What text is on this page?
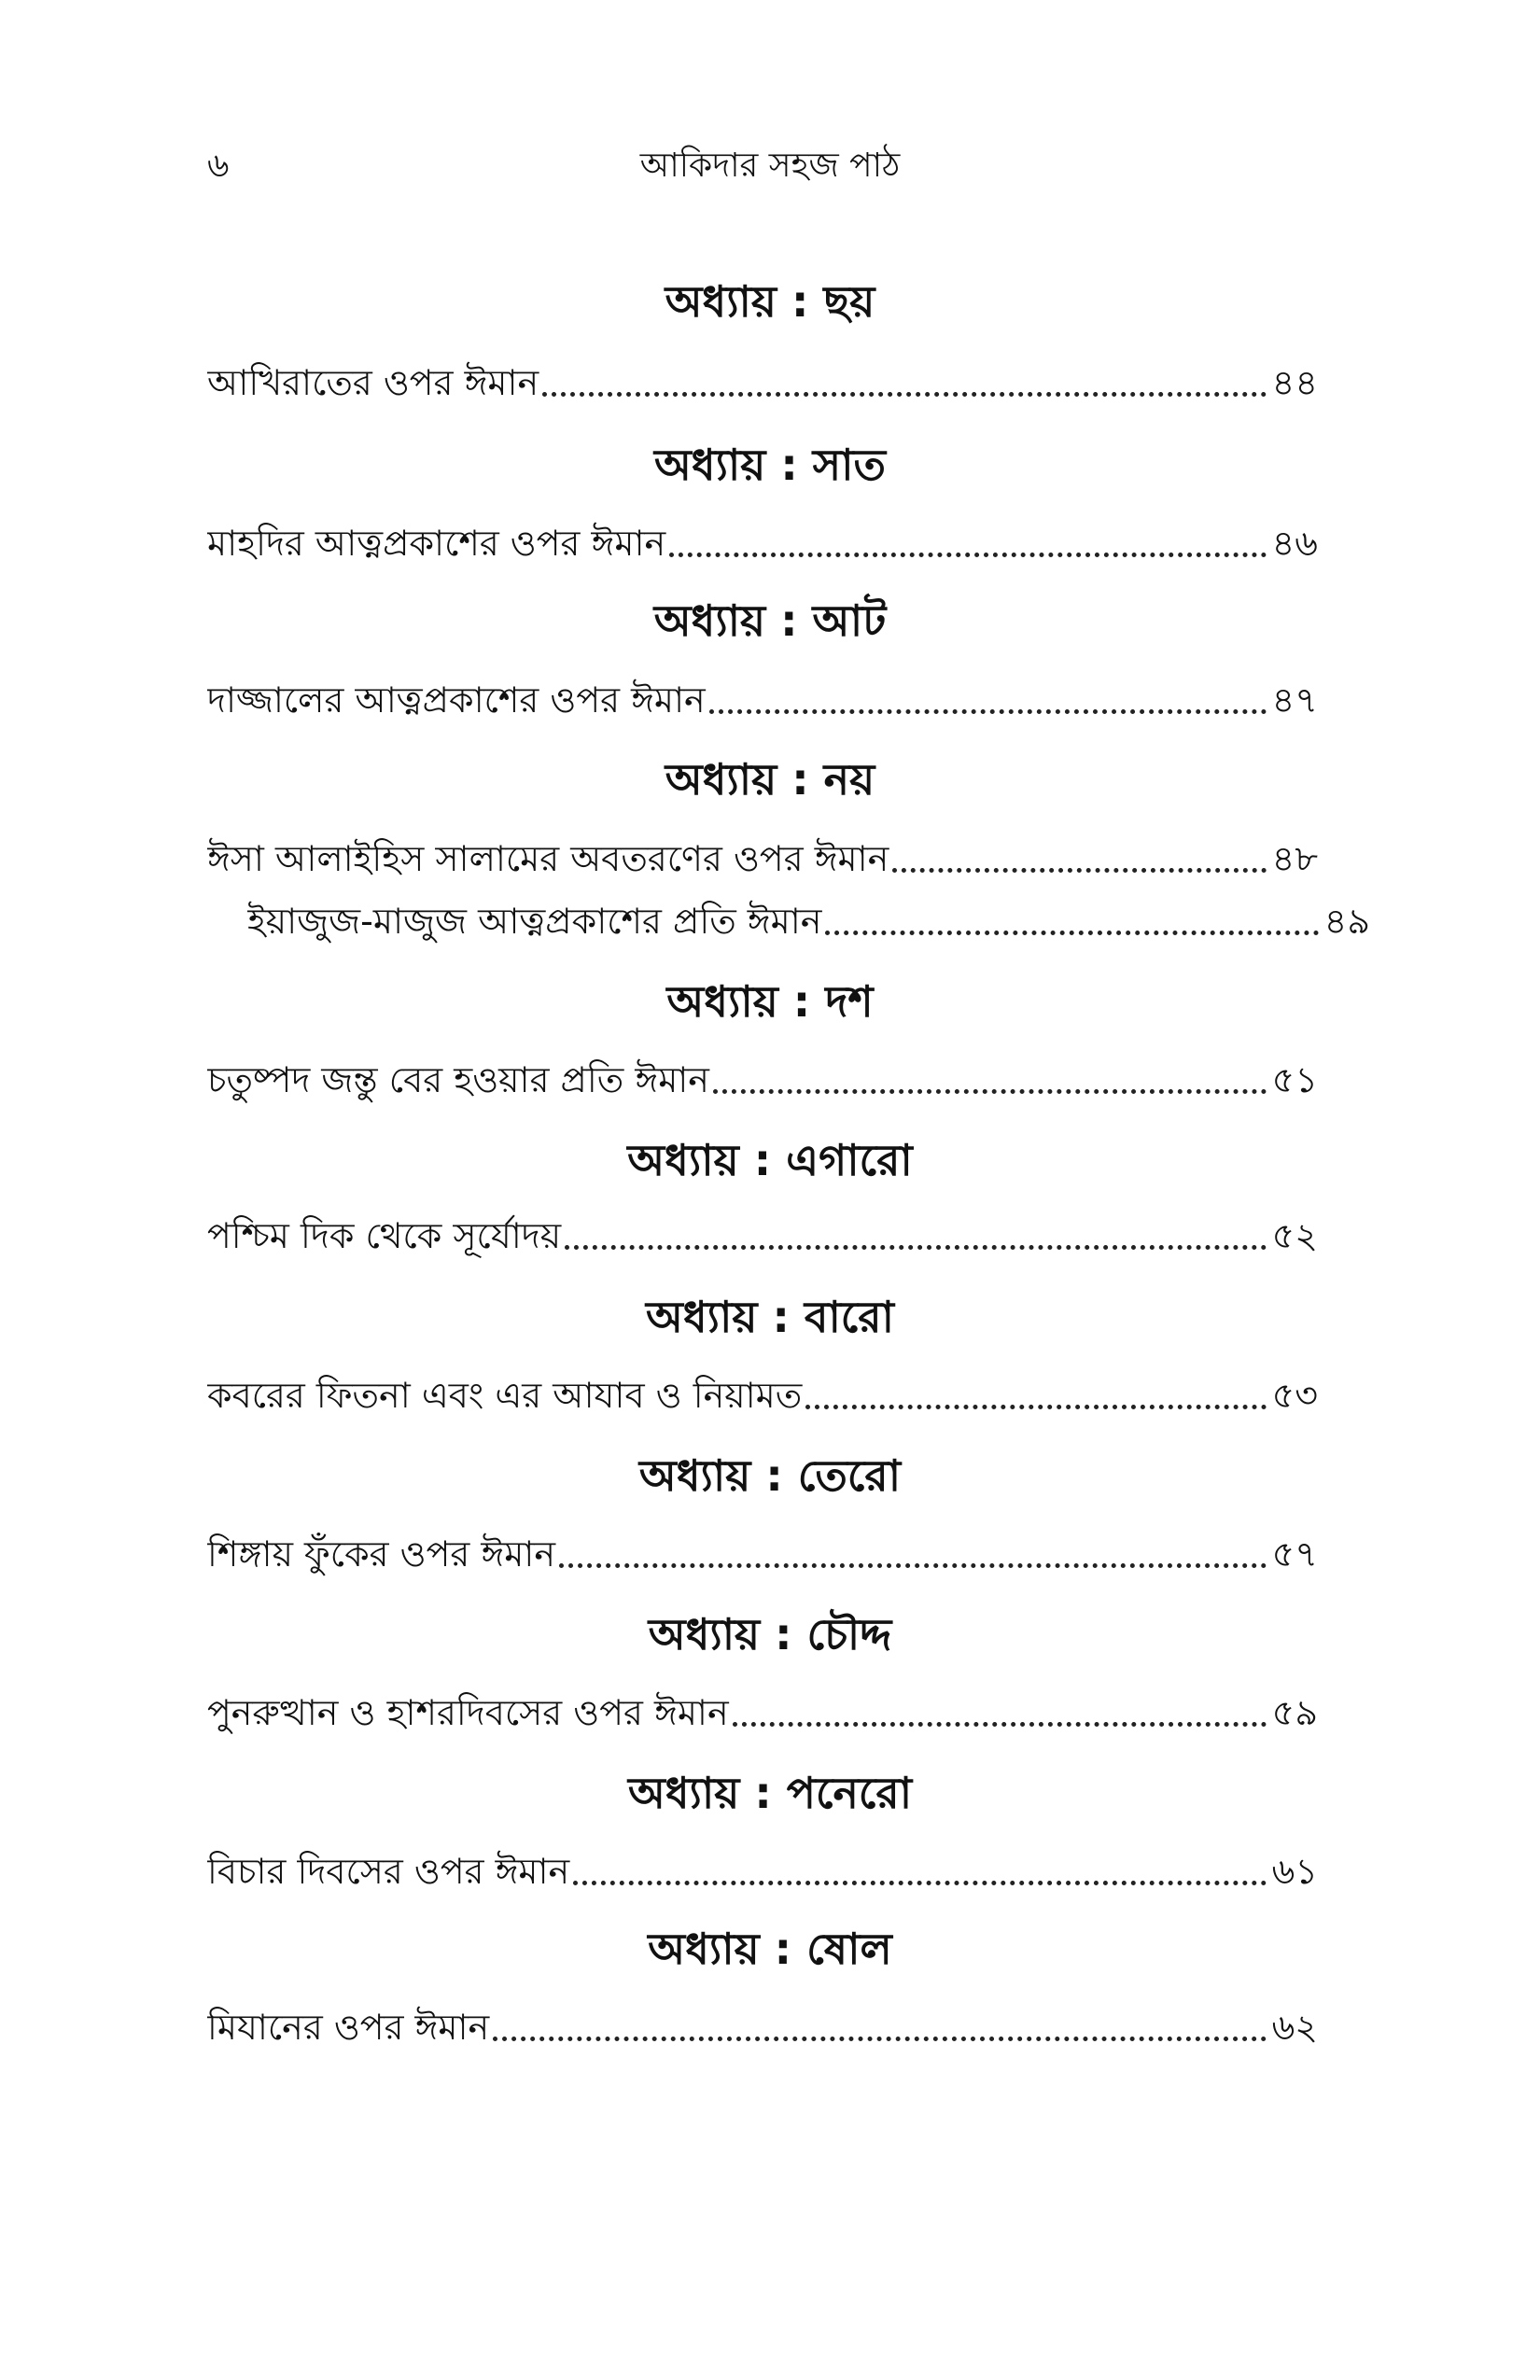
৬	আকিদার সহজ পাঠ
অধ্যায় : ছয়
আখিরাতের ওপর ঈমান	৪৪
অধ্যায় : সাত
মাহদির আত্নপ্রকাশের ওপর ঈমান	৪৬
অধ্যায় : আট
দাজ্জালের আত্নপ্রকাশের ওপর ঈমান	৪৭
অধ্যায় : নয়
ঈসা আলাইহিস সালামের অবতরণের ওপর ঈমান	৪৮
ইয়াজুজ-মাজুজ আত্নপ্রকাশের প্রতি ঈমান	৪৯
অধ্যায় : দশ
চতুষ্পদ জন্তু বের হওয়ার প্রতি ঈমান	৫১
অধ্যায় : এগারো
পশ্চিম দিক থেকে সূর্যোদয়	৫২
অধ্যায় : বারো
কবরের ফিতনা এবং এর আযাব ও নিয়ামত	৫৩
অধ্যায় : তেরো
শিঙ্গায় ফুঁকের ওপর ঈমান	৫৭
অধ্যায় : চৌদ্দ
পুনরুত্থান ও হাশরদিবসের ওপর ঈমান	৫৯
অধ্যায় : পনেরো
বিচার দিবসের ওপর ঈমান	৬১
অধ্যায় : ষোল
মিযানের ওপর ঈমান	৬২
